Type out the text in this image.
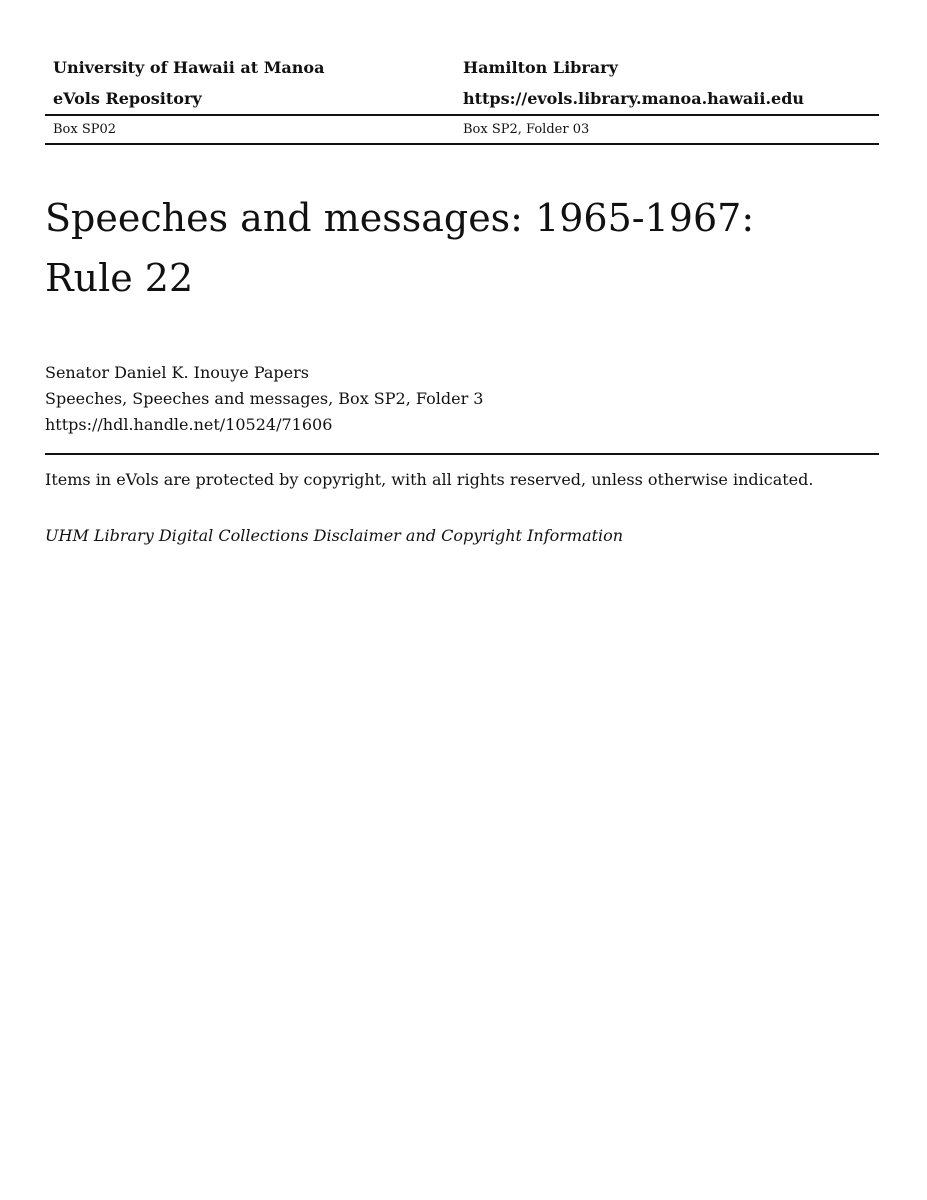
University of Hawaii at Manoa	Hamilton Library
eVols Repository	https://evols.library.manoa.hawaii.edu
Box SP02	Box SP2, Folder 03
Speeches and messages: 1965-1967:
Rule 22
Senator Daniel K. Inouye Papers
Speeches, Speeches and messages, Box SP2, Folder 3
https://hdl.handle.net/10524/71606
Items in eVols are protected by copyright, with all rights reserved, unless otherwise indicated.
UHM Library Digital Collections Disclaimer and Copyright Information
